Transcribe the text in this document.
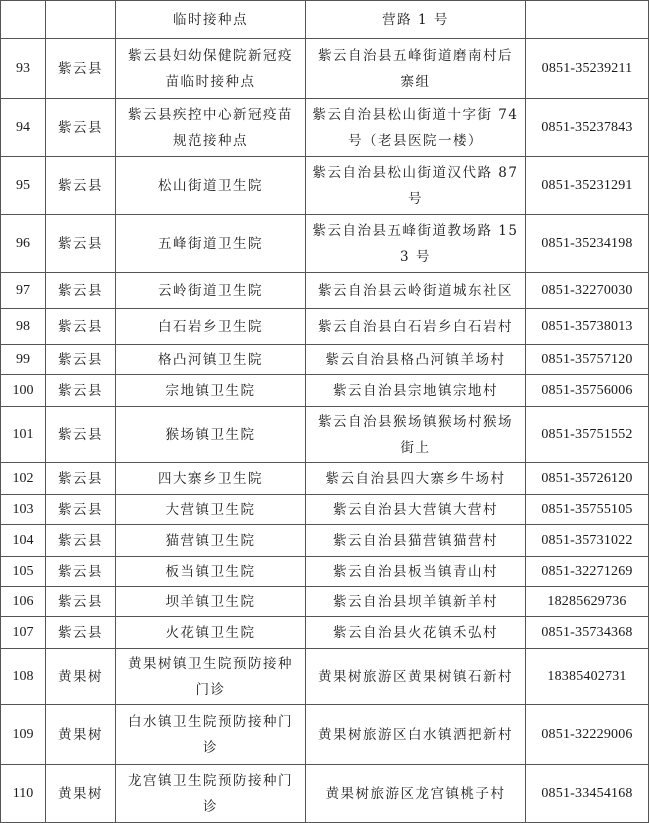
		临时接种点	营路 1 号	
93	紫云县	紫云县妇幼保健院新冠疫苗临时接种点	紫云自治县五峰街道磨南村后寨组	0851-35239211
94	紫云县	紫云县疾控中心新冠疫苗规范接种点	紫云自治县松山街道十字街 74 号（老县医院一楼）	0851-35237843
95	紫云县	松山街道卫生院	紫云自治县松山街道汉代路 87 号	0851-35231291
96	紫云县	五峰街道卫生院	紫云自治县五峰街道教场路 153 号	0851-35234198
97	紫云县	云岭街道卫生院	紫云自治县云岭街道城东社区	0851-32270030
98	紫云县	白石岩乡卫生院	紫云自治县白石岩乡白石岩村	0851-35738013
99	紫云县	格凸河镇卫生院	紫云自治县格凸河镇羊场村	0851-35757120
100	紫云县	宗地镇卫生院	紫云自治县宗地镇宗地村	0851-35756006
101	紫云县	猴场镇卫生院	紫云自治县猴场镇猴场村猴场街上	0851-35751552
102	紫云县	四大寨乡卫生院	紫云自治县四大寨乡牛场村	0851-35726120
103	紫云县	大营镇卫生院	紫云自治县大营镇大营村	0851-35755105
104	紫云县	猫营镇卫生院	紫云自治县猫营镇猫营村	0851-35731022
105	紫云县	板当镇卫生院	紫云自治县板当镇青山村	0851-32271269
106	紫云县	坝羊镇卫生院	紫云自治县坝羊镇新羊村	18285629736
107	紫云县	火花镇卫生院	紫云自治县火花镇禾弘村	0851-35734368
108	黄果树	黄果树镇卫生院预防接种门诊	黄果树旅游区黄果树镇石新村	18385402731
109	黄果树	白水镇卫生院预防接种门诊	黄果树旅游区白水镇洒把新村	0851-32229006
110	黄果树	龙宫镇卫生院预防接种门诊	黄果树旅游区龙宫镇桃子村	0851-33454168
